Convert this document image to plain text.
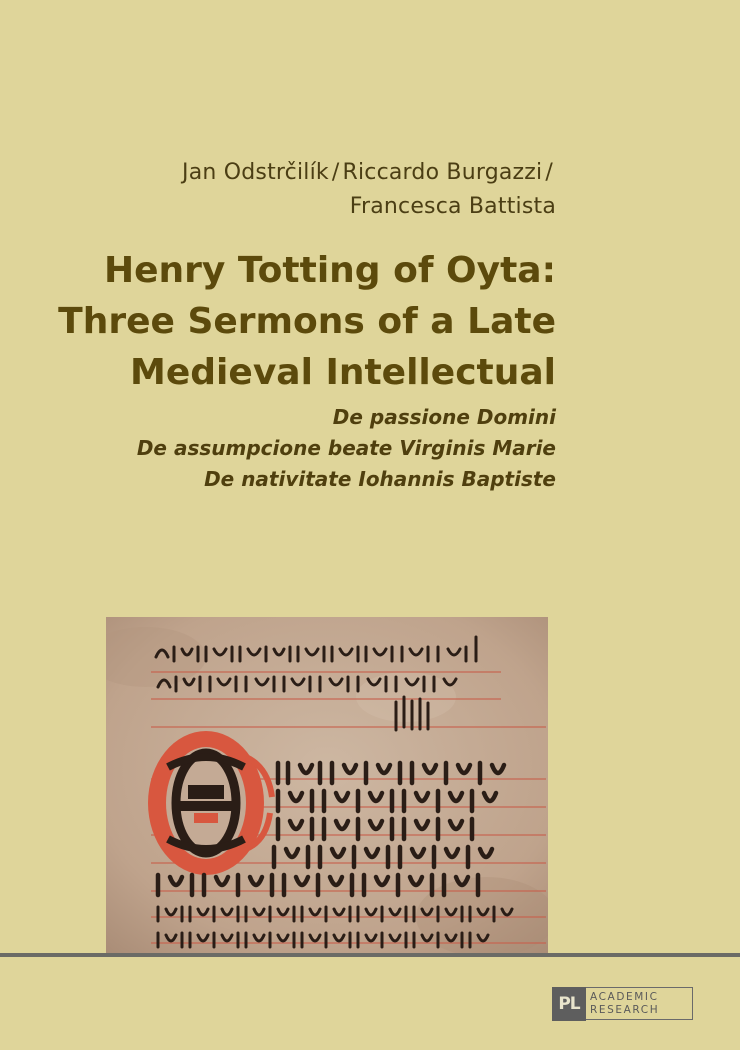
Jan Odstrčilík / Riccardo Burgazzi /
Francesca Battista
Henry Totting of Oyta:
Three Sermons of a Late
Medieval Intellectual
De passione Domini
De assumpcione beate Virginis Marie
De nativitate Iohannis Baptiste
PL ACADEMIC
RESEARCH
